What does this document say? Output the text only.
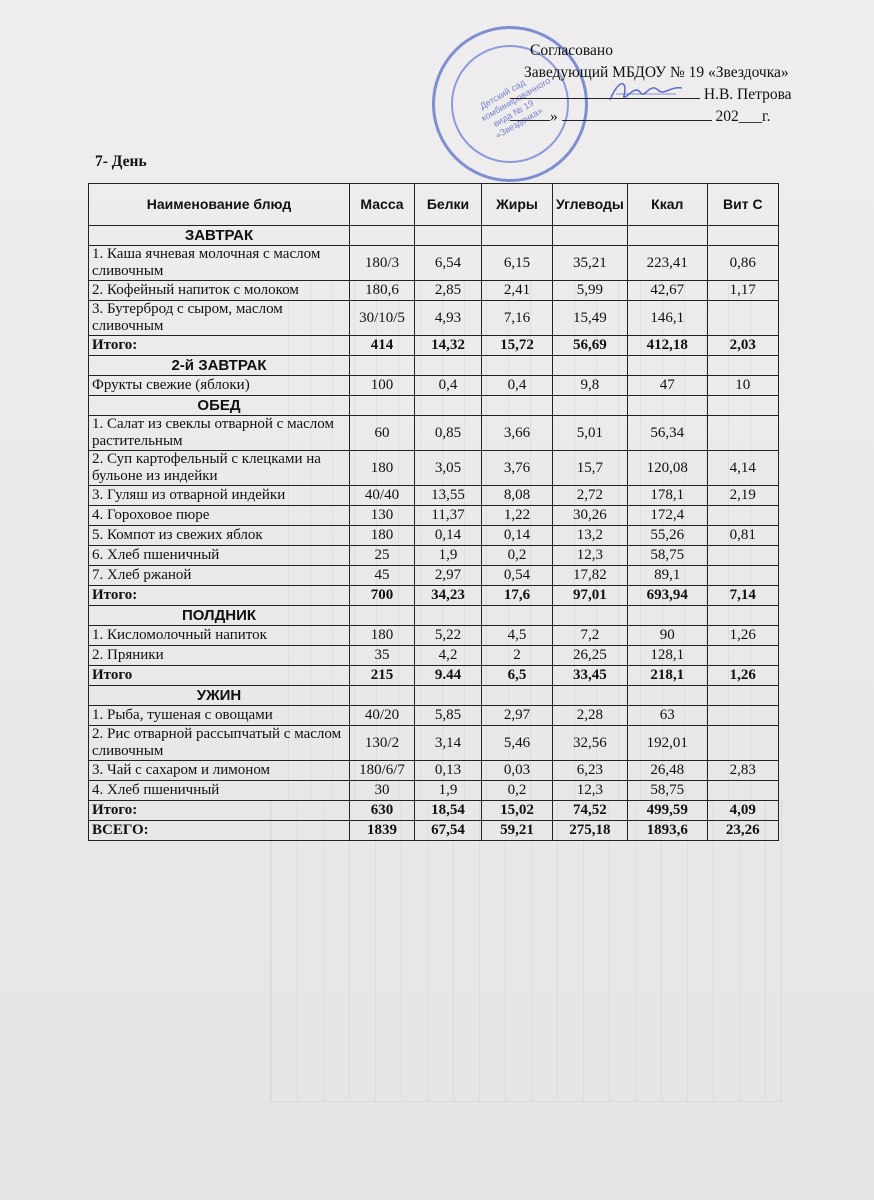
Детский сад комбинированного вида № 19 «Звездочка»
Согласовано
Заведующий МБДОУ № 19 «Звездочка»
Н.В. Петрова
»	202___г.
7- День
Наименование блюд	Масса	Белки	Жиры	Углеводы	Ккал	Вит С
ЗАВТРАК						
1. Каша ячневая молочная с маслом сливочным	180/3	6,54	6,15	35,21	223,41	0,86
2. Кофейный напиток с молоком	180,6	2,85	2,41	5,99	42,67	1,17
3. Бутерброд с сыром, маслом сливочным	30/10/5	4,93	7,16	15,49	146,1	
Итого:	414	14,32	15,72	56,69	412,18	2,03
2-й ЗАВТРАК						
Фрукты свежие (яблоки)	100	0,4	0,4	9,8	47	10
ОБЕД						
1. Салат из свеклы отварной с маслом растительным	60	0,85	3,66	5,01	56,34	
2. Суп картофельный с клецками на бульоне из индейки	180	3,05	3,76	15,7	120,08	4,14
3. Гуляш из отварной индейки	40/40	13,55	8,08	2,72	178,1	2,19
4. Гороховое пюре	130	11,37	1,22	30,26	172,4	
5. Компот из свежих яблок	180	0,14	0,14	13,2	55,26	0,81
6. Хлеб пшеничный	25	1,9	0,2	12,3	58,75	
7. Хлеб ржаной	45	2,97	0,54	17,82	89,1	
Итого:	700	34,23	17,6	97,01	693,94	7,14
ПОЛДНИК						
1. Кисломолочный напиток	180	5,22	4,5	7,2	90	1,26
2. Пряники	35	4,2	2	26,25	128,1	
Итого	215	9.44	6,5	33,45	218,1	1,26
УЖИН						
1. Рыба, тушеная с овощами	40/20	5,85	2,97	2,28	63	
2. Рис отварной рассыпчатый с маслом сливочным	130/2	3,14	5,46	32,56	192,01	
3. Чай с сахаром и лимоном	180/6/7	0,13	0,03	6,23	26,48	2,83
4. Хлеб пшеничный	30	1,9	0,2	12,3	58,75	
Итого:	630	18,54	15,02	74,52	499,59	4,09
ВСЕГО:	1839	67,54	59,21	275,18	1893,6	23,26
